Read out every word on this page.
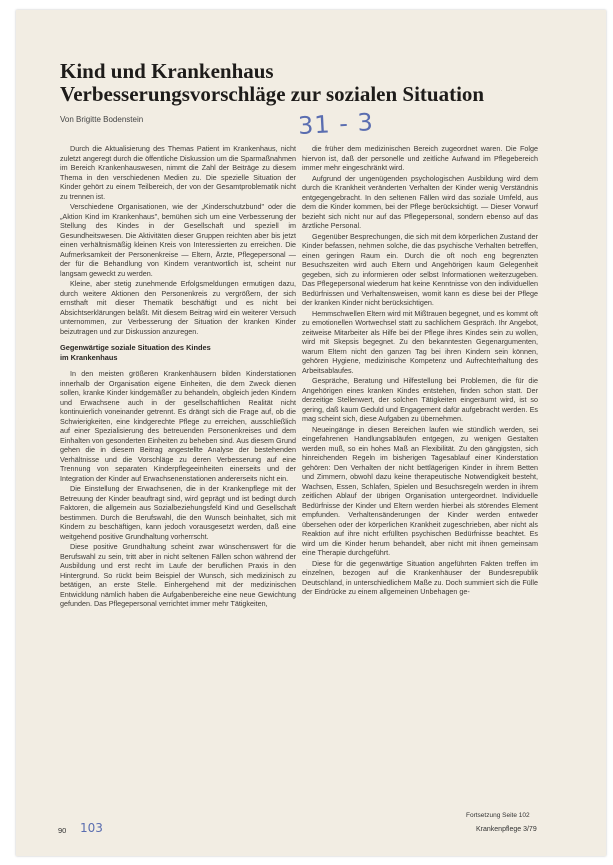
Kind und Krankenhaus
Verbesserungsvorschläge zur sozialen Situation
Von Brigitte Bodenstein	31 - 3

Durch die Aktualisierung des Themas Patient im Krankenhaus, nicht zuletzt angeregt durch die öffentliche Diskussion um die Sparmaßnahmen im Bereich Krankenhauswesen, nimmt die Zahl der Beiträge zu diesem Thema in den verschiedenen Medien zu. Die spezielle Situation der Kinder gehört zu einem Teilbereich, der von der Gesamtproblematik nicht zu trennen ist.

Verschiedene Organisationen, wie der „Kinderschutzbund" oder die „Aktion Kind im Krankenhaus", bemühen sich um eine Verbesserung der Stellung des Kindes in der Gesellschaft und speziell im Gesundheitswesen. Die Aktivitäten dieser Gruppen reichten aber bis jetzt einen verhältnismäßig kleinen Kreis von Interessierten zu erreichen. Die Aufmerksamkeit der Personenkreise — Eltern, Ärzte, Pflegepersonal — der für die Behandlung von Kindern verantwortlich ist, scheint nur langsam geweckt zu werden.

Kleine, aber stetig zunehmende Erfolgsmeldungen ermutigen dazu, durch weitere Aktionen den Personenkreis zu vergrößern, der sich ernsthaft mit dieser Thematik beschäftigt und es nicht bei Absichtserklärungen beläßt. Mit diesem Beitrag wird ein weiterer Versuch unternommen, zur Verbesserung der Situation der kranken Kinder beizutragen und zur Diskussion anzuregen.

Gegenwärtige soziale Situation des Kindes
im Krankenhaus

In den meisten größeren Krankenhäusern bilden Kinderstationen innerhalb der Organisation eigene Einheiten, die dem Zweck dienen sollen, kranke Kinder kindgemäßer zu behandeln, obgleich jeden Kindern und Erwachsene auch in der gesellschaftlichen Realität nicht kontinuierlich voneinander getrennt. Es drängt sich die Frage auf, ob die Schwierigkeiten, eine kindgerechte Pflege zu erreichen, ausschließlich auf einer Spezialisierung des betreuenden Personenkreises und dem Einhalten von gesonderten Einheiten zu beheben sind. Aus diesem Grund gehen die in diesem Beitrag angestellte Analyse der bestehenden Verhältnisse und die Vorschläge zu deren Verbesserung auf eine Trennung von separaten Kinderpflegeeinheiten einerseits und der Integration der Kinder auf Erwachsenenstationen andererseits nicht ein.

Die Einstellung der Erwachsenen, die in der Krankenpflege mit der Betreuung der Kinder beauftragt sind, wird geprägt und ist bedingt durch Faktoren, die allgemein aus Sozialbeziehungsfeld Kind und Gesellschaft bestimmen. Durch die Berufswahl, die den Wunsch beinhaltet, sich mit Kindern zu beschäftigen, kann jedoch vorausgesetzt werden, daß eine weitgehend positive Grundhaltung vorherrscht.

Diese positive Grundhaltung scheint zwar wünschenswert für die Berufswahl zu sein, tritt aber in nicht seltenen Fällen schon während der Ausbildung und erst recht im Laufe der beruflichen Praxis in den Hintergrund. So rückt beim Beispiel der Wunsch, sich medizinisch zu betätigen, an erste Stelle. Einhergehend mit der medizinischen Entwicklung nämlich haben die Aufgabenbereiche eine neue Gewichtung gefunden. Das Pflegepersonal verrichtet immer mehr Tätigkeiten,

die früher dem medizinischen Bereich zugeordnet waren. Die Folge hiervon ist, daß der personelle und zeitliche Aufwand im Pflegebereich immer mehr eingeschränkt wird.

Aufgrund der ungenügenden psychologischen Ausbildung wird dem durch die Krankheit veränderten Verhalten der Kinder wenig Verständnis entgegengebracht. In den seltenen Fällen wird das soziale Umfeld, aus dem die Kinder kommen, bei der Pflege berücksichtigt. — Dieser Vorwurf bezieht sich nicht nur auf das Pflegepersonal, sondern ebenso auf das ärztliche Personal.

Gegenüber Besprechungen, die sich mit dem körperlichen Zustand der Kinder befassen, nehmen solche, die das psychische Verhalten betreffen, einen geringen Raum ein. Durch die oft noch eng begrenzten Besuchszeiten wird auch Eltern und Angehörigen kaum Gelegenheit gegeben, sich zu informieren oder selbst Informationen weiterzugeben. Das Pflegepersonal wiederum hat keine Kenntnisse von den individuellen Bedürfnissen und Verhaltensweisen, womit kann es diese bei der Pflege der kranken Kinder nicht berücksichtigen.

Hemmschwellen Eltern wird mit Mißtrauen begegnet, und es kommt oft zu emotionellen Wortwechsel statt zu sachlichem Gespräch. Ihr Angebot, zeitweise Mitarbeiter als Hilfe bei der Pflege ihres Kindes sein zu wollen, wird mit Skepsis begegnet. Zu den bekanntesten Gegenargumenten, warum Eltern nicht den ganzen Tag bei ihren Kindern sein können, gehören Hygiene, medizinische Kompetenz und Aufrechterhaltung des Arbeitsablaufes.

Gespräche, Beratung und Hilfestellung bei Problemen, die für die Angehörigen eines kranken Kindes entstehen, finden schon statt. Der derzeitige Stellenwert, der solchen Tätigkeiten eingeräumt wird, ist so gering, daß kaum Geduld und Engagement dafür aufgebracht werden. Es mag scheint sich, diese Aufgaben zu übernehmen.

Neueingänge in diesen Bereichen laufen wie stündlich werden, sei eingefahrenen Handlungsabläufen entgegen, zu wenigen Gestalten werden muß, so ein hohes Maß an Flexibilität. Zu den gängigsten, sich hinreichenden Regeln im bisherigen Tagesablauf einer Kinderstation gehören: Den Verhalten der nicht bettlägerigen Kinder in ihrem Betten und Zimmern, obwohl dazu keine therapeutische Notwendigkeit besteht, Wachsen, Essen, Schlafen, Spielen und Besuchsregeln werden in ihrem zeitlichen Ablauf der übrigen Organisation untergeordnet. Individuelle Bedürfnisse der Kinder und Eltern werden hierbei als störendes Element empfunden. Verhaltensänderungen der Kinder werden entweder übersehen oder der körperlichen Krankheit zugeschrieben, aber nicht als Reaktion auf ihre nicht erfüllten psychischen Bedürfnisse beachtet. Es wird um die Kinder herum behandelt, aber nicht mit ihnen gemeinsam eine Therapie durchgeführt.

Diese für die gegenwärtige Situation angeführten Fakten treffen im einzelnen, bezogen auf die Krankenhäuser der Bundesrepublik Deutschland, in unterschiedlichem Maße zu. Doch summiert sich die Fülle der Eindrücke zu einem allgemeinen Unbehagen ge-

Fortsetzung Seite 102
Krankenpflege 3/79
90 103
